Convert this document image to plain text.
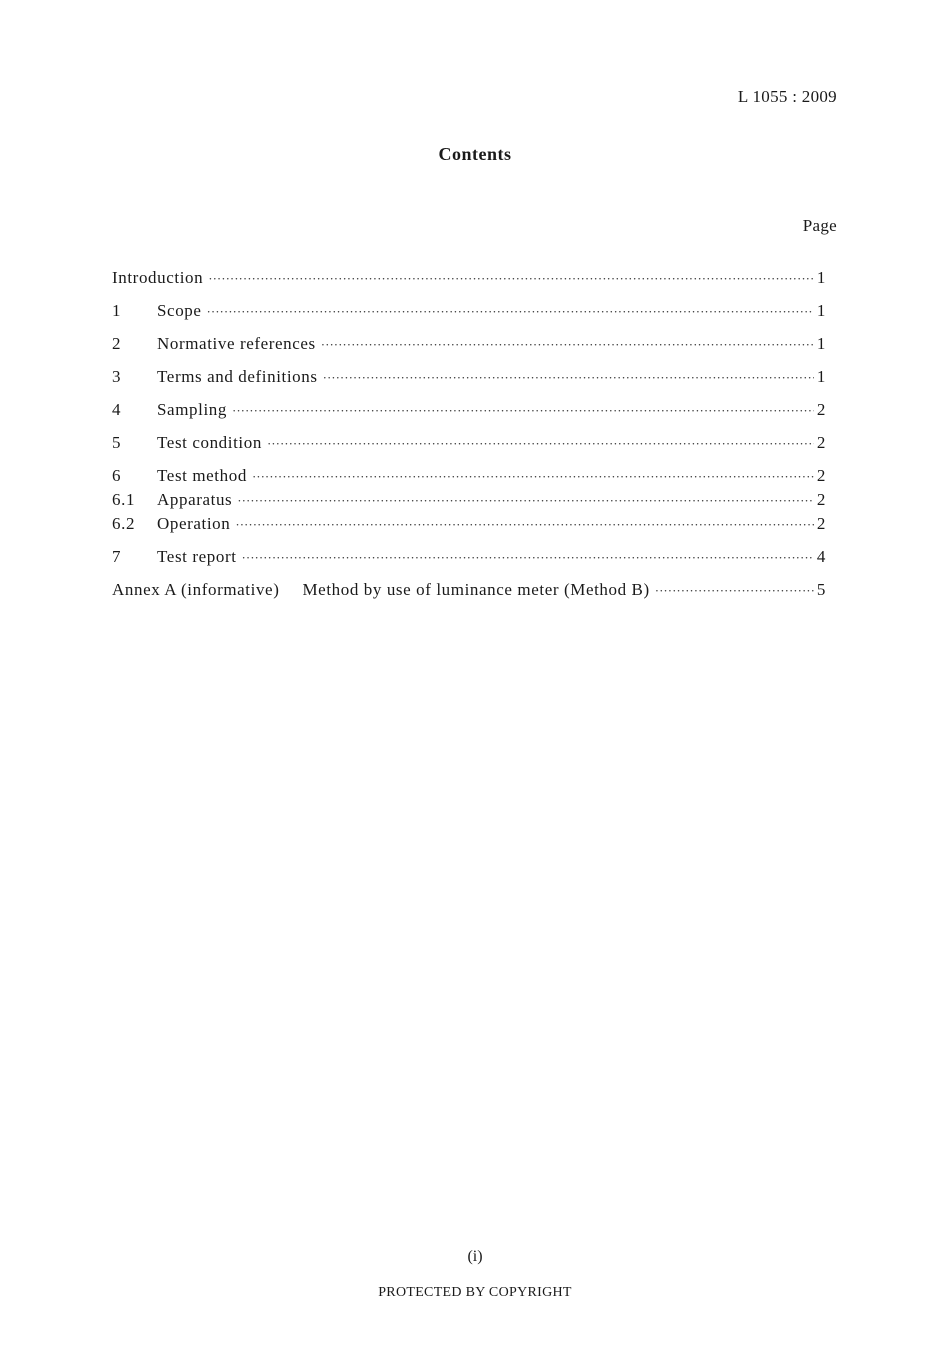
L 1055 : 2009
Contents
Page
Introduction ·····	1
1	Scope ·····	1
2	Normative references ·····	1
3	Terms and definitions ·····	1
4	Sampling ·····	2
5	Test condition ·····	2
6	Test method ·····	2
6.1	Apparatus ·····	2
6.2	Operation ·····	2
7	Test report ·····	4
Annex A (informative) Method by use of luminance meter (Method B) ·····	5
(i)
PROTECTED BY COPYRIGHT
